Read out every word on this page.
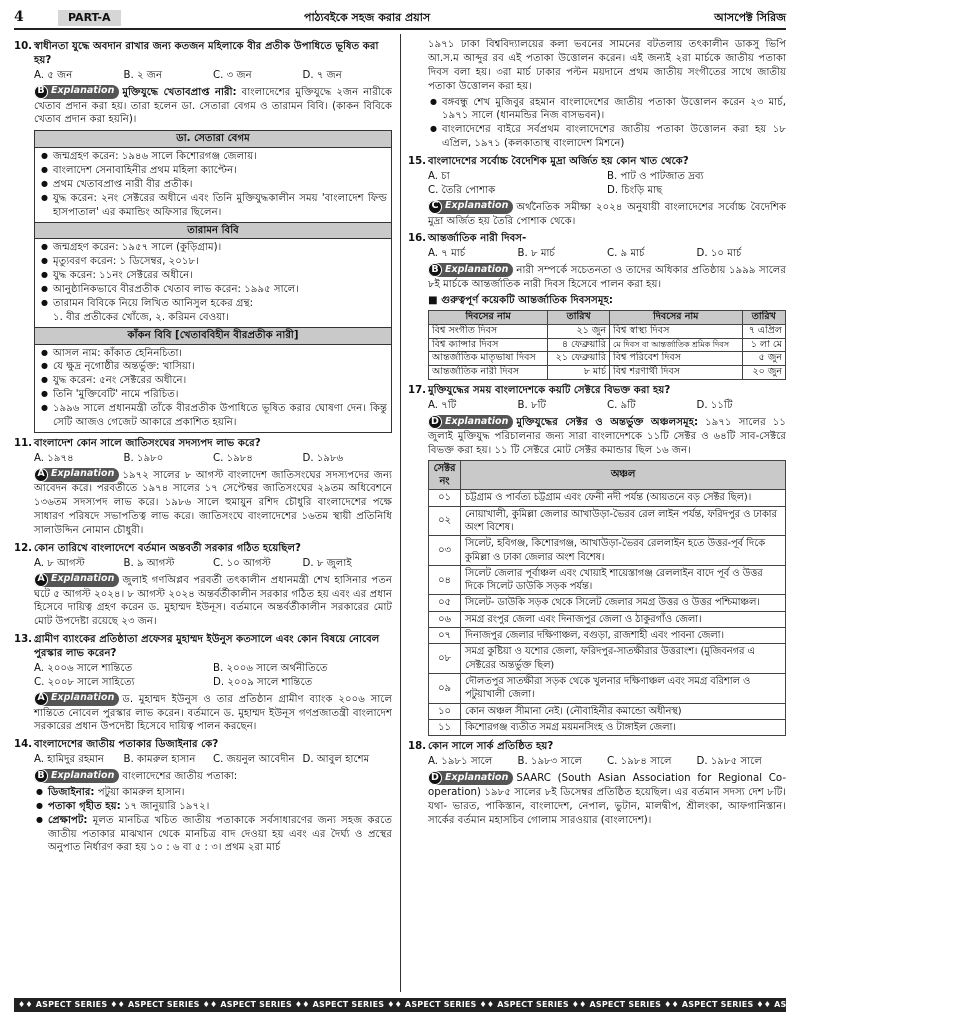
4	PART-A	পাঠ্যবইকে সহজ করার প্রয়াস	আসপেক্ট সিরিজ
10. স্বাধীনতা যুদ্ধে অবদান রাখার জন্য কতজন মহিলাকে বীর প্রতীক উপাধিতে ভূষিত করা হয়?
A. ৫ জন	B. ২ জন	C. ৩ জন	D. ৭ জন
B Explanation মুক্তিযুদ্ধে খেতাবপ্রাপ্ত নারী: বাংলাদেশের মুক্তিযুদ্ধে ২জন নারীকে খেতাব প্রদান করা হয়। তারা হলেন ডা. সেতারা বেগম ও তারামন বিবি। (কাকন বিবিকে খেতাব প্রদান করা হয়নি)।
ডা. সেতারা বেগম
● জন্মগ্রহণ করেন: ১৯৪৬ সালে কিশোরগঞ্জ জেলায়।
● বাংলাদেশ সেনাবাহিনীর প্রথম মহিলা ক্যাপ্টেন।
● প্রথম খেতাবপ্রাপ্ত নারী বীর প্রতীক।
● যুদ্ধ করেন: ২নং সেক্টরের অধীনে এবং তিনি মুক্তিযুদ্ধকালীন সময় 'বাংলাদেশ ফিল্ড হাসপাতাল' এর কমান্ডিং অফিসার ছিলেন।
তারামন বিবি
● জন্মগ্রহণ করেন: ১৯৫৭ সালে (কুড়িগ্রাম)।
● মৃত্যুবরণ করেন: ১ ডিসেম্বর, ২০১৮।
● যুদ্ধ করেন: ১১নং সেক্টরের অধীনে।
● আনুষ্ঠানিকভাবে বীরপ্রতীক খেতাব লাভ করেন: ১৯৯৫ সালে।
● তারামন বিবিকে নিয়ে লিখিত আনিসুল হকের গ্রন্থ:
১. বীর প্রতীকের খোঁজে, ২. করিমন বেওয়া।
কাঁকন বিবি [খেতাববিহীন বীরপ্রতীক নারী]
● আসল নাম: কাঁকাত হেনিনচিতা।
● যে ক্ষুদ্র নৃগোষ্ঠীর অন্তর্ভুক্ত: খাসিয়া।
● যুদ্ধ করেন: ৫নং সেক্টরের অধীনে।
● তিনি 'মুক্তিবেটি' নামে পরিচিত।
● ১৯৯৬ সালে প্রধানমন্ত্রী তাঁকে বীরপ্রতীক উপাধিতে ভূষিত করার ঘোষণা দেন। কিন্তু সেটি আজও গেজেট আকারে প্রকাশিত হয়নি।
11. বাংলাদেশ কোন সালে জাতিসংঘের সদস্যপদ লাভ করে?
A. ১৯৭৪	B. ১৯৮০	C. ১৯৮৪	D. ১৯৮৬
A Explanation ১৯৭২ সালের ৮ আগস্ট বাংলাদেশ জাতিসংঘের সদস্যপদের জন্য আবেদন করে। পরবর্তীতে ১৯৭৪ সালের ১৭ সেপ্টেম্বর জাতিসংঘের ২৯তম অধিবেশনে ১৩৬তম সদস্যপদ লাভ করে। ১৯৮৬ সালে হুমায়ুন রশিদ চৌধুরি বাংলাদেশের পক্ষে সাধারণ পরিষদে সভাপতিত্ব লাভ করে। জাতিসংঘে বাংলাদেশের ১৬তম স্থায়ী প্রতিনিধি সালাউদ্দিন নোমান চৌধুরী।
12. কোন তারিখে বাংলাদেশে বর্তমান অন্তবর্তী সরকার গঠিত হয়েছিল?
A. ৮ আগস্ট	B. ৯ আগস্ট	C. ১০ আগস্ট	D. ৮ জুলাই
A Explanation জুলাই গণঅিপ্লব পরবর্তী তৎকালীন প্রধানমন্ত্রী শেখ হাসিনার পতন ঘটে ৫ আগস্ট ২০২৪। ৮ আগস্ট ২০২৪ অন্তর্বর্তীকালীন সরকার গঠিত হয় এবং এর প্রধান হিসেবে দায়িত্ব গ্রহণ করেন ড. মুহাম্মদ ইউনূস। বর্তমানে অন্তর্বর্তীকালীন সরকারের মোট মোট উপদেষ্টা রয়েছে ২৩ জন।
13. গ্রামীণ ব্যাংকের প্রতিষ্ঠাতা প্রফেসর মুহাম্মদ ইউনুস কতসালে এবং কোন বিষয়ে নোবেল পুরস্কার লাভ করেন?
A. ২০০৬ সালে শান্তিতে	B. ২০০৬ সালে অর্থনীতিতে
C. ২০০৮ সালে সাহিত্যে	D. ২০০৯ সালে শান্তিতে
A Explanation ড. মুহাম্মদ ইউনুস ও তার প্রতিষ্ঠান গ্রামীণ ব্যাংক ২০০৬ সালে শান্তিতে নোবেল পুরস্কার লাভ করেন। বর্তমানে ড. মুহাম্মদ ইউনূস গণপ্রজাতন্ত্রী বাংলাদেশ সরকারের প্রধান উপদেষ্টা হিসেবে দায়িত্ব পালন করছেন।
14. বাংলাদেশের জাতীয় পতাকার ডিজাইনার কে?
A. হামিদুর রহমান	B. কামরুল হাসান	C. জয়নুল আবেদীন D. আবুল হাশেম
B Explanation বাংলাদেশের জাতীয় পতাকা:
● ডিজাইনার: পটুয়া কামরুল হাসান।
● পতাকা গৃহীত হয়: ১৭ জানুয়ারি ১৯৭২।
● প্রেক্ষাপট: মূলত মানচিত্র খচিত জাতীয় পতাকাকে সর্বসাধারণের জন্য সহজ করতে জাতীয় পতাকার মাঝখান থেকে মানচিত্র বাদ দেওয়া হয় এবং এর দৈর্ঘ্য ও প্রস্থের অনুপাত নির্ধারণ করা হয় ১০ : ৬ বা ৫ : ৩। প্রথম ২রা মার্চ
১৯৭১ ঢাকা বিশ্ববিদ্যালয়ের কলা ভবনের সামনের বটতলায় তৎকালীন ডাকসু ভিপি আ.স.ম আব্দুর রব এই পতাকা উত্তোলন করেন। এই জন্যই ২রা মার্চকে জাতীয় পতাকা দিবস বলা হয়। ৩রা মার্চ ঢাকার পল্টন ময়দানে প্রথম জাতীয় সংগীতের সাথে জাতীয় পতাকা উত্তোলন করা হয়।
● বঙ্গবন্ধু শেখ মুজিবুর রহমান বাংলাদেশের জাতীয় পতাকা উত্তোলন করেন ২৩ মার্চ, ১৯৭১ সালে (ধানমন্ডির নিজ বাসভবন)।
● বাংলাদেশের বাইরে সর্বপ্রথম বাংলাদেশের জাতীয় পতাকা উত্তোলন করা হয় ১৮ এপ্রিল, ১৯৭১ (কলকাতাস্থ বাংলাদেশ মিশনে)
15. বাংলাদেশের সর্বোচ্চ বৈদেশিক মুদ্রা অর্জিত হয় কোন খাত থেকে?
A. চা	B. পাট ও পাটজাত দ্রব্য
C. তৈরি পোশাক	D. চিংড়ি মাছ
C Explanation অর্থনৈতিক সমীক্ষা ২০২৪ অনুযায়ী বাংলাদেশের সর্বোচ্চ বৈদেশিক মুদ্রা অর্জিত হয় তৈরি পোশাক থেকে।
16. আন্তর্জাতিক নারী দিবস-
A. ৭ মার্চ	B. ৮ মার্চ	C. ৯ মার্চ	D. ১০ মার্চ
B Explanation নারী সম্পর্কে সচেতনতা ও তাদের অধিকার প্রতিষ্ঠায় ১৯৯৯ সালের ৮ই মার্চকে আন্তর্জাতিক নারী দিবস হিসেবে পালন করা হয়।
■ গুরুত্বপূর্ণ কয়েকটি আন্তর্জাতিক দিবসসমূহ:
দিবসের নাম	তারিখ	দিবসের নাম	তারিখ
বিশ্ব সংগীত দিবস	২১ জুন	বিশ্ব স্বাস্থ্য দিবস	৭ এপ্রিল
বিশ্ব ক্যান্সার দিবস	৪ ফেব্রুয়ারি	মে দিবস বা আন্তর্জাতিক শ্রমিক দিবস	১ লা মে
আন্তর্জাতিক মাতৃভাষা দিবস	২১ ফেব্রুয়ারি	বিশ্ব পরিবেশ দিবস	৫ জুন
আন্তর্জাতিক নারী দিবস	৮ মার্চ	বিশ্ব শরণার্থী দিবস	২০ জুন
17. মুক্তিযুদ্ধের সময় বাংলাদেশকে কয়টি সেক্টরে বিভক্ত করা হয়?
A. ৭টি	B. ৮টি	C. ৯টি	D. ১১টি
D Explanation মুক্তিযুদ্ধের সেক্টর ও অন্তর্ভুক্ত অঞ্চলসমূহ: ১৯৭১ সালের ১১ জুলাই মুক্তিযুদ্ধ পরিচালনার জন্য সারা বাংলাদেশকে ১১টি সেক্টর ও ৬৪টি সাব-সেক্টরে বিভক্ত করা হয়। ১১ টি সেক্টরে মোট সেক্টর কমান্ডার ছিল ১৬ জন।
সেক্টর নং	অঞ্চল
০১	চট্টগ্রাম ও পার্বত্য চট্টগ্রাম এবং ফেনী নদী পর্যন্ত (আয়তনে বড় সেক্টর ছিল)।
০২	নোয়াখালী, কুমিল্লা জেলার আখাউড়া-ভৈরব রেল লাইন পর্যন্ত, ফরিদপুর ও ঢাকার অংশ বিশেষ।
০৩	সিলেট, হবিগঞ্জ, কিশোরগঞ্জ, আখাউড়া-ভৈরব রেললাইন হতে উত্তর-পূর্ব দিকে কুমিল্লা ও ঢাকা জেলার অংশ বিশেষ।
০৪	সিলেট জেলার পূর্বাঞ্চল এবং খোয়াই শায়েস্তাগঞ্জ রেললাইন বাদে পূর্ব ও উত্তর দিকে সিলেট ডাউকি সড়ক পর্যন্ত।
০৫	সিলেট- ডাউকি সড়ক থেকে সিলেট জেলার সমগ্র উত্তর ও উত্তর পশ্চিমাঞ্চল।
০৬	সমগ্র রংপুর জেলা এবং দিনাজপুর জেলা ও ঠাকুরগাঁও জেলা।
০৭	দিনাজপুর জেলার দক্ষিণাঞ্চল, বগুড়া, রাজশাহী এবং পাবনা জেলা।
০৮	সমগ্র কুষ্টিয়া ও যশোর জেলা, ফরিদপুর-সাতক্ষীরার উত্তরাংশ। (মুজিবনগর এ সেক্টরের অন্তর্ভুক্ত ছিল)
০৯	দৌলতপুর সাতক্ষীরা সড়ক থেকে খুলনার দক্ষিণাঞ্চল এবং সমগ্র বরিশাল ও পটুয়াখালী জেলা।
১০	কোন অঞ্চল সীমানা নেই। (নৌবাহিনীর কমান্ডো অধীনস্থ)
১১	কিশোরগঞ্জ ব্যতীত সমগ্র ময়মনসিংহ ও টাঙ্গাইল জেলা।
18. কোন সালে সার্ক প্রতিষ্ঠিত হয়?
A. ১৯৮১ সালে	B. ১৯৮৩ সালে	C. ১৯৮৪ সালে	D. ১৯৮৫ সালে
D Explanation SAARC (South Asian Association for Regional Co-operation) ১৯৮৫ সালের ৮ই ডিসেম্বর প্রতিষ্ঠিত হয়েছিল। এর বর্তমান সদস্য দেশ ৮টি। যথা- ভারত, পাকিস্তান, বাংলাদেশ, নেপাল, ভুটান, মালদ্বীপ, শ্রীলংকা, আফগানিস্তান। সার্কের বর্তমান মহাসচিব গোলাম সারওয়ার (বাংলাদেশ)।
♦♦ ASPECT SERIES ♦♦ ASPECT SERIES ♦♦ ASPECT SERIES ♦♦ ASPECT SERIES ♦♦ ASPECT SERIES ♦♦ ASPECT SERIES ♦♦ ASPECT SERIES ♦♦ ASPECT SERIES ♦♦ ASPECT SERIES ♦♦ ASPECT SERIES ♦♦
